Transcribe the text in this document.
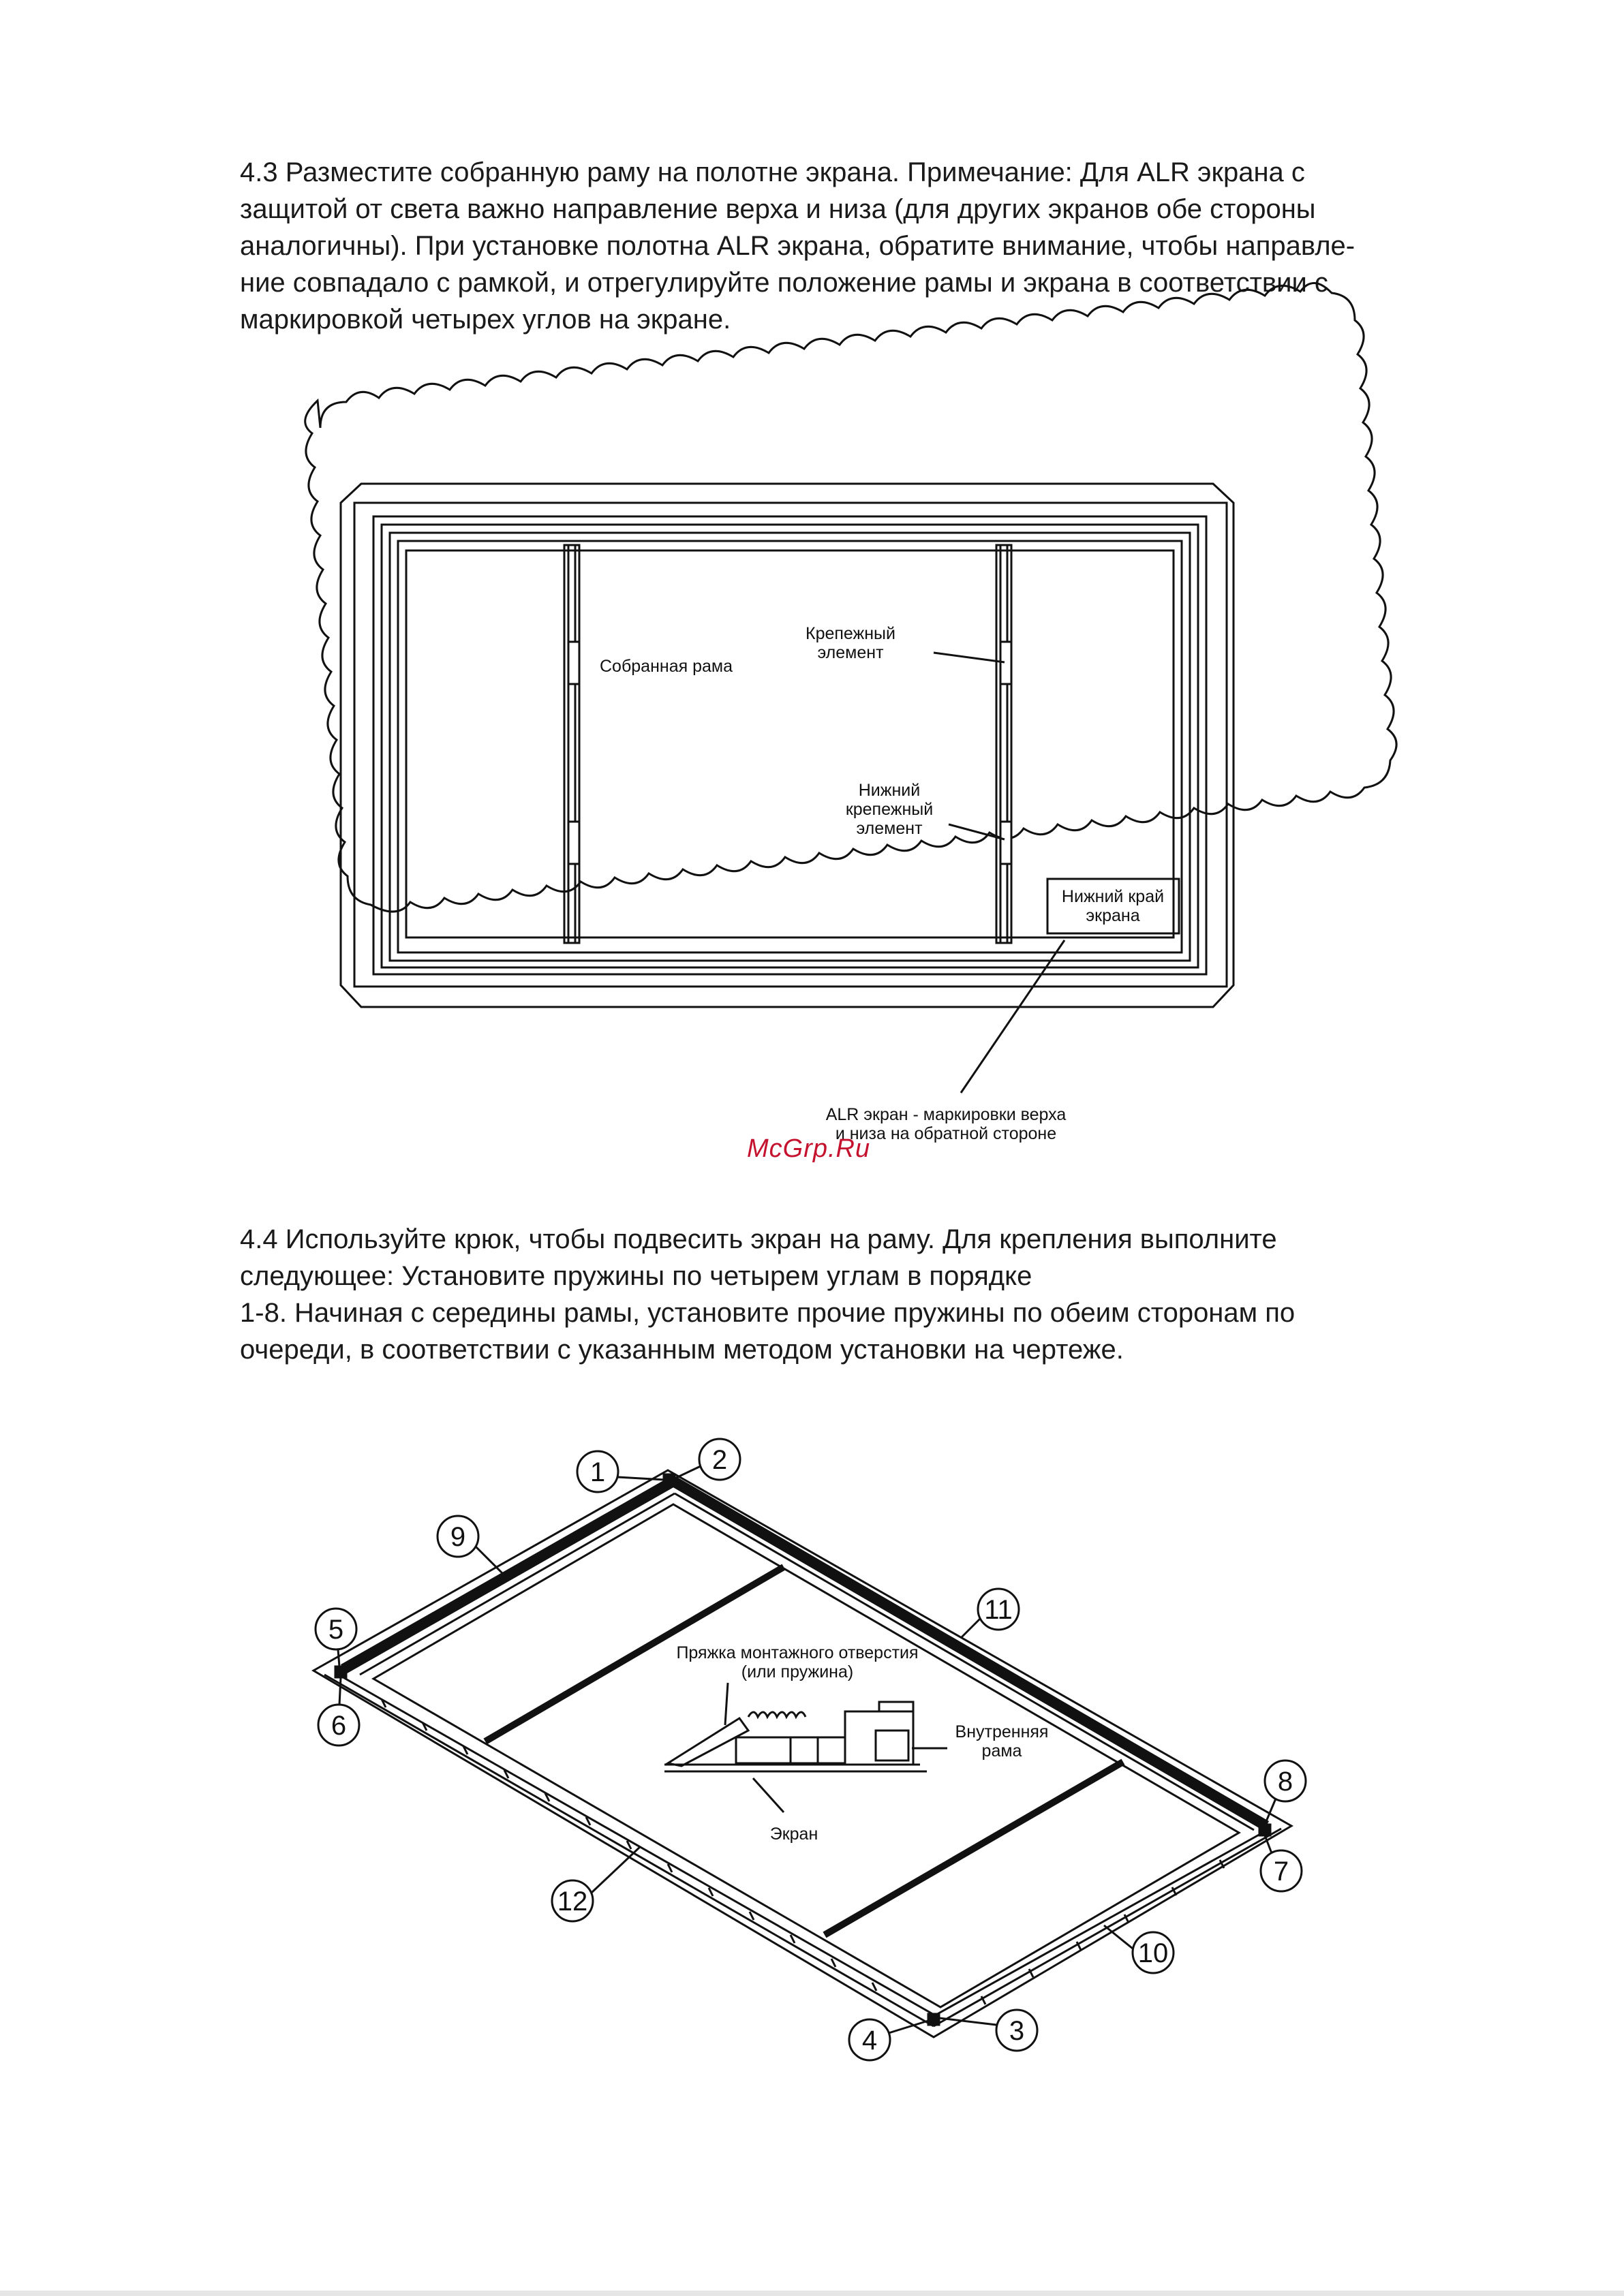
4.3 Разместите собранную раму на полотне экрана. Примечание: Для ALR экрана с
защитой от света важно направление верха и низа (для других экранов обе стороны
аналогичны). При установке полотна ALR экрана, обратите внимание, чтобы направле-
ние совпадало с рамкой, и отрегулируйте положение рамы и экрана в соответствии с
маркировкой четырех углов на экране.
Собранная рама
Крепежный
элемент
Нижний
крепежный
элемент
Нижний край
экрана
ALR экран - маркировки верха
и низа на обратной стороне
McGrp.Ru
4.4 Используйте крюк, чтобы подвесить экран на раму. Для крепления выполните
следующее: Установите пружины по четырем углам в порядке
1-8. Начиная с середины рамы, установите прочие пружины по обеим сторонам по
очереди, в соответствии с указанным методом установки на чертеже.
Пряжка монтажного отверстия
(или пружина)
Внутренняя
рама
Экран
1	2
3
4
5
6
7
8
9
10
11
12
